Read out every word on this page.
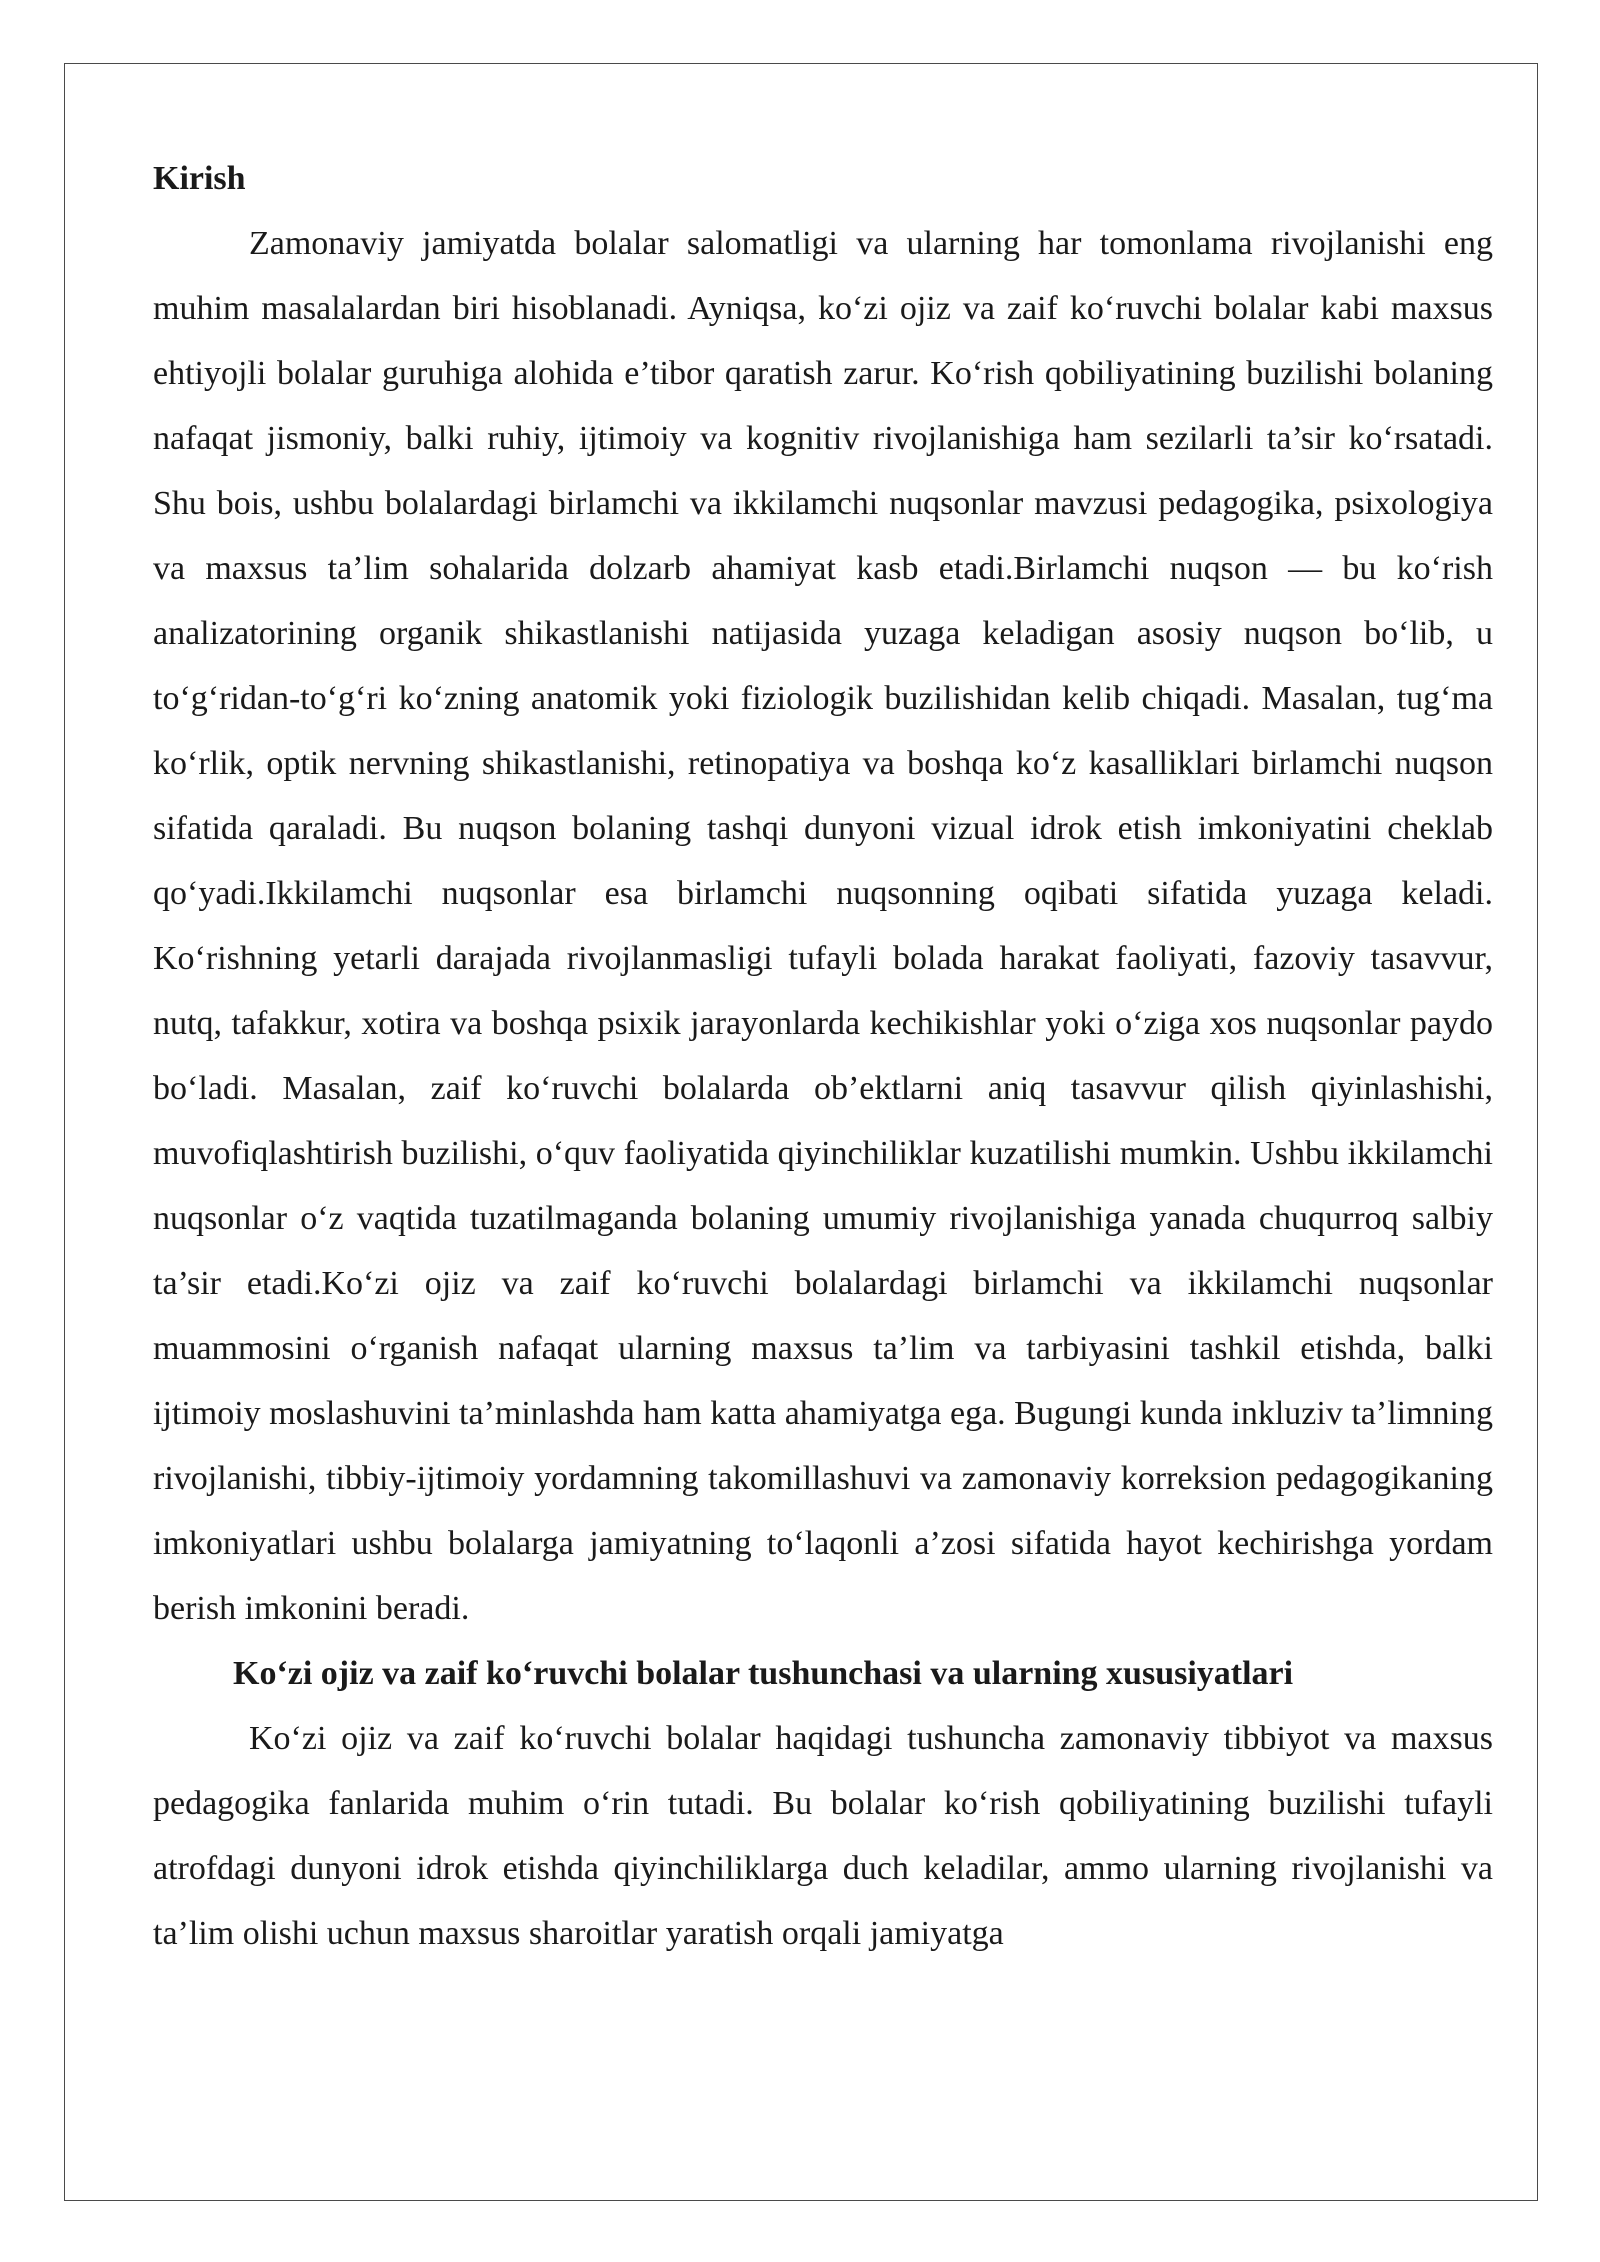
Kirish

Zamonaviy jamiyatda bolalar salomatligi va ularning har tomonlama rivojlanishi eng muhim masalalardan biri hisoblanadi. Ayniqsa, ko‘zi ojiz va zaif ko‘ruvchi bolalar kabi maxsus ehtiyojli bolalar guruhiga alohida e’tibor qaratish zarur. Ko‘rish qobiliyatining buzilishi bolaning nafaqat jismoniy, balki ruhiy, ijtimoiy va kognitiv rivojlanishiga ham sezilarli ta’sir ko‘rsatadi. Shu bois, ushbu bolalardagi birlamchi va ikkilamchi nuqsonlar mavzusi pedagogika, psixologiya va maxsus ta’lim sohalarida dolzarb ahamiyat kasb etadi.Birlamchi nuqson — bu ko‘rish analizatorining organik shikastlanishi natijasida yuzaga keladigan asosiy nuqson bo‘lib, u to‘g‘ridan-to‘g‘ri ko‘zning anatomik yoki fiziologik buzilishidan kelib chiqadi. Masalan, tug‘ma ko‘rlik, optik nervning shikastlanishi, retinopatiya va boshqa ko‘z kasalliklari birlamchi nuqson sifatida qaraladi. Bu nuqson bolaning tashqi dunyoni vizual idrok etish imkoniyatini cheklab qo‘yadi.Ikkilamchi nuqsonlar esa birlamchi nuqsonning oqibati sifatida yuzaga keladi. Ko‘rishning yetarli darajada rivojlanmasligi tufayli bolada harakat faoliyati, fazoviy tasavvur, nutq, tafakkur, xotira va boshqa psixik jarayonlarda kechikishlar yoki o‘ziga xos nuqsonlar paydo bo‘ladi. Masalan, zaif ko‘ruvchi bolalarda ob’ektlarni aniq tasavvur qilish qiyinlashishi, muvofiqlashtirish buzilishi, o‘quv faoliyatida qiyinchiliklar kuzatilishi mumkin. Ushbu ikkilamchi nuqsonlar o‘z vaqtida tuzatilmaganda bolaning umumiy rivojlanishiga yanada chuqurroq salbiy ta’sir etadi.Ko‘zi ojiz va zaif ko‘ruvchi bolalardagi birlamchi va ikkilamchi nuqsonlar muammosini o‘rganish nafaqat ularning maxsus ta’lim va tarbiyasini tashkil etishda, balki ijtimoiy moslashuvini ta’minlashda ham katta ahamiyatga ega. Bugungi kunda inkluziv ta’limning rivojlanishi, tibbiy-ijtimoiy yordamning takomillashuvi va zamonaviy korreksion pedagogikaning imkoniyatlari ushbu bolalarga jamiyatning to‘laqonli a’zosi sifatida hayot kechirishga yordam berish imkonini beradi.

Ko‘zi ojiz va zaif ko‘ruvchi bolalar tushunchasi va ularning xususiyatlari

Ko‘zi ojiz va zaif ko‘ruvchi bolalar haqidagi tushuncha zamonaviy tibbiyot va maxsus pedagogika fanlarida muhim o‘rin tutadi. Bu bolalar ko‘rish qobiliyatining buzilishi tufayli atrofdagi dunyoni idrok etishda qiyinchiliklarga duch keladilar, ammo ularning rivojlanishi va ta’lim olishi uchun maxsus sharoitlar yaratish orqali jamiyatga
